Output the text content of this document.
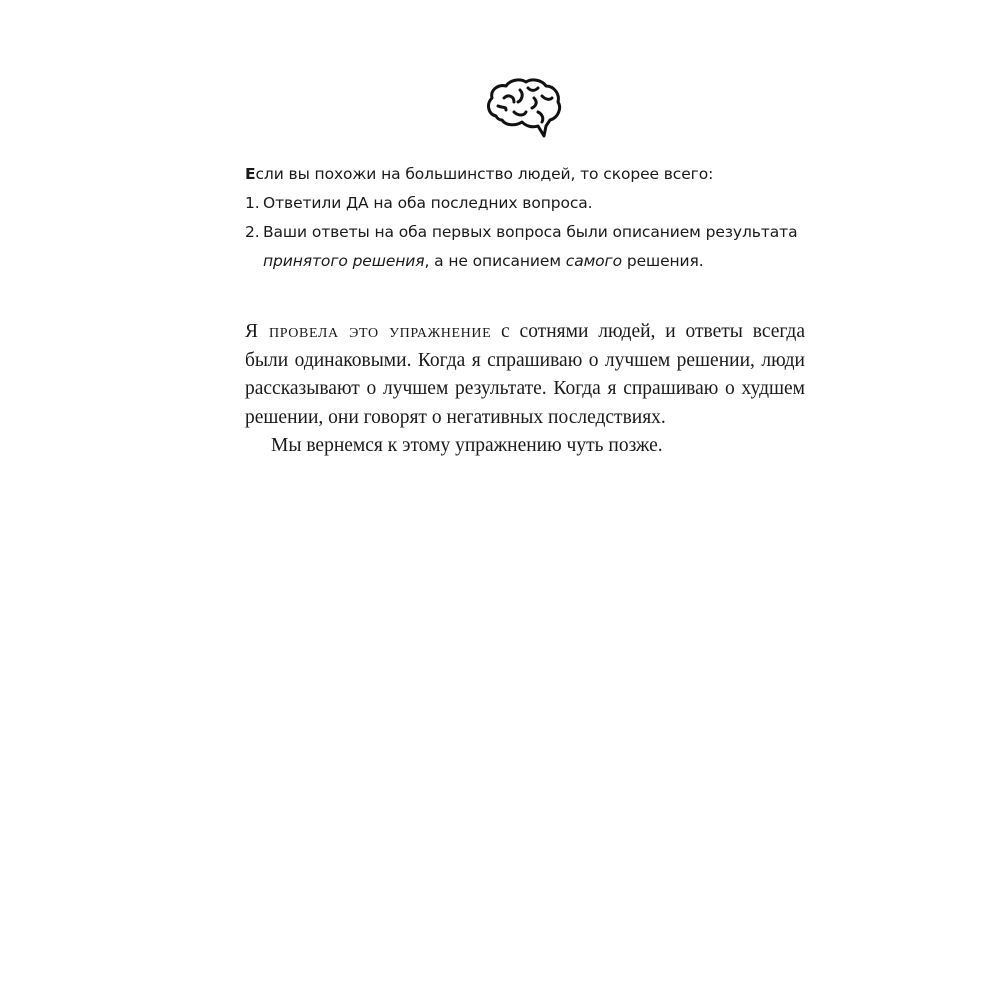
Если вы похожи на большинство людей, то скорее всего:
1. Ответили ДА на оба последних вопроса.
2. Ваши ответы на оба первых вопроса были описанием результата принятого решения, а не описанием самого решения.

Я провела это упражнение с сотнями людей, и ответы всегда были одинаковыми. Когда я спрашиваю о лучшем решении, люди рассказывают о лучшем результате. Когда я спрашиваю о худшем решении, они говорят о негативных последствиях.

Мы вернемся к этому упражнению чуть позже.
